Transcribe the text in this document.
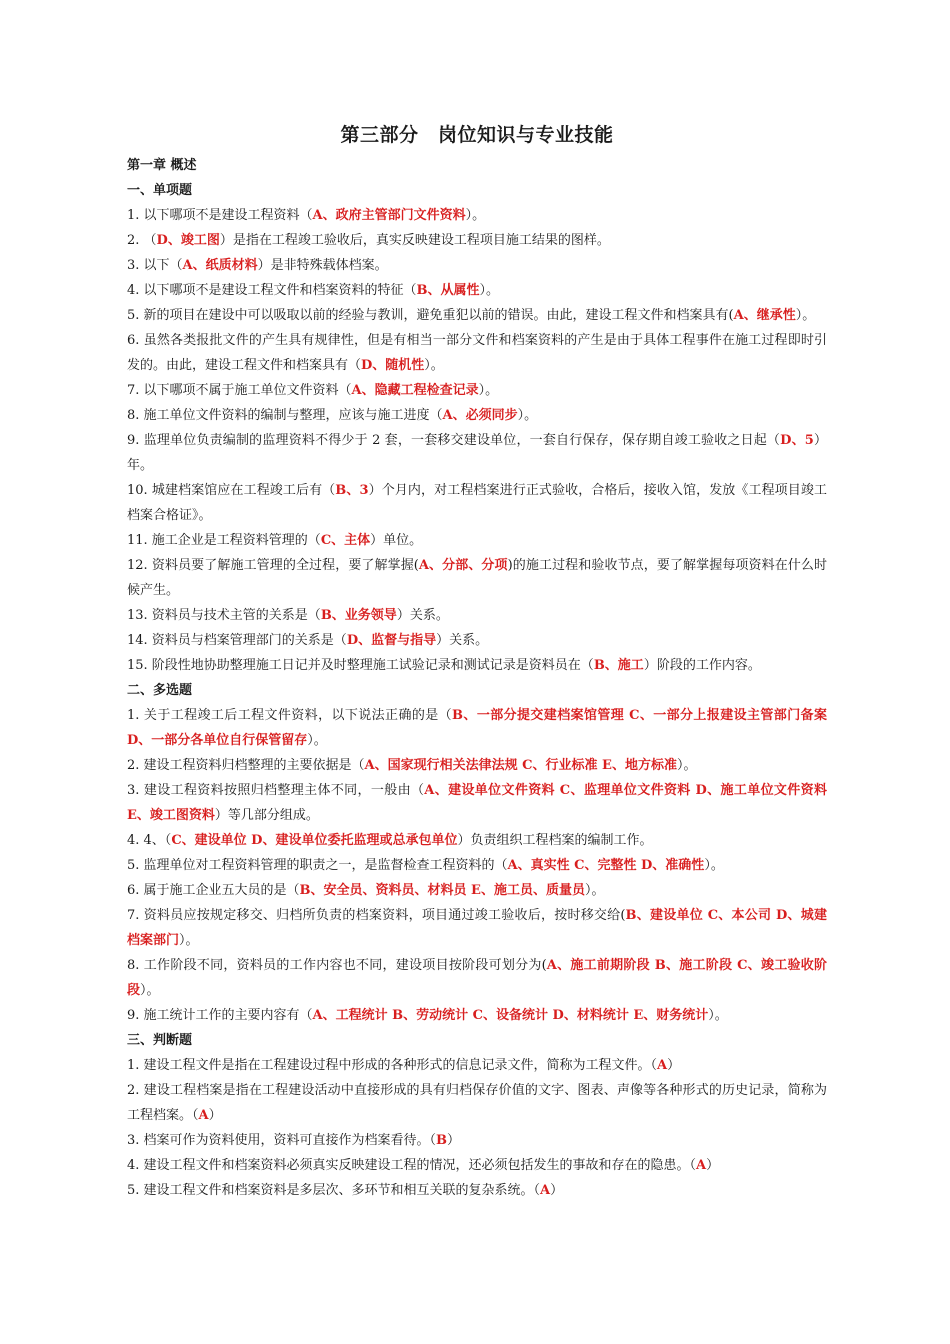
第三部分　岗位知识与专业技能

第一章 概述

一、单项题

1. 以下哪项不是建设工程资料（A、政府主管部门文件资料）。

2. （D、竣工图）是指在工程竣工验收后，真实反映建设工程项目施工结果的图样。

3. 以下（A、纸质材料）是非特殊载体档案。

4. 以下哪项不是建设工程文件和档案资料的特征（B、从属性）。

5. 新的项目在建设中可以吸取以前的经验与教训，避免重犯以前的错误。由此，建设工程文件和档案具有(A、继承性）。

6. 虽然各类报批文件的产生具有规律性，但是有相当一部分文件和档案资料的产生是由于具体工程事件在施工过程即时引发的。由此，建设工程文件和档案具有（D、随机性）。

7. 以下哪项不属于施工单位文件资料（A、隐藏工程检查记录）。

8. 施工单位文件资料的编制与整理，应该与施工进度（A、必须同步）。

9. 监理单位负责编制的监理资料不得少于 2 套，一套移交建设单位，一套自行保存，保存期自竣工验收之日起（D、5）年。

10. 城建档案馆应在工程竣工后有（B、3）个月内，对工程档案进行正式验收，合格后，接收入馆，发放《工程项目竣工档案合格证》。

11. 施工企业是工程资料管理的（C、主体）单位。

12. 资料员要了解施工管理的全过程，要了解掌握(A、分部、分项)的施工过程和验收节点，要了解掌握每项资料在什么时候产生。

13. 资料员与技术主管的关系是（B、业务领导）关系。

14. 资料员与档案管理部门的关系是（D、监督与指导）关系。

15. 阶段性地协助整理施工日记并及时整理施工试验记录和测试记录是资料员在（B、施工）阶段的工作内容。

二、多选题

1. 关于工程竣工后工程文件资料，以下说法正确的是（B、一部分提交建档案馆管理 C、一部分上报建设主管部门备案 D、一部分各单位自行保管留存）。

2. 建设工程资料归档整理的主要依据是（A、国家现行相关法律法规 C、行业标准 E、地方标准）。

3. 建设工程资料按照归档整理主体不同，一般由（A、建设单位文件资料 C、监理单位文件资料 D、施工单位文件资料 E、竣工图资料）等几部分组成。

4. 4、（C、建设单位 D、建设单位委托监理或总承包单位）负责组织工程档案的编制工作。

5. 监理单位对工程资料管理的职责之一，是监督检查工程资料的（A、真实性 C、完整性 D、准确性）。

6. 属于施工企业五大员的是（B、安全员、资料员、材料员 E、施工员、质量员）。

7. 资料员应按规定移交、归档所负责的档案资料，项目通过竣工验收后，按时移交给(B、建设单位 C、本公司 D、城建档案部门）。

8. 工作阶段不同，资料员的工作内容也不同，建设项目按阶段可划分为(A、施工前期阶段 B、施工阶段 C、竣工验收阶段）。

9. 施工统计工作的主要内容有（A、工程统计 B、劳动统计 C、设备统计 D、材料统计 E、财务统计）。

三、判断题

1. 建设工程文件是指在工程建设过程中形成的各种形式的信息记录文件，简称为工程文件。（A）

2. 建设工程档案是指在工程建设活动中直接形成的具有归档保存价值的文字、图表、声像等各种形式的历史记录，简称为工程档案。（A）

3. 档案可作为资料使用，资料可直接作为档案看待。（B）

4. 建设工程文件和档案资料必须真实反映建设工程的情况，还必须包括发生的事故和存在的隐患。（A）

5. 建设工程文件和档案资料是多层次、多环节和相互关联的复杂系统。（A）
